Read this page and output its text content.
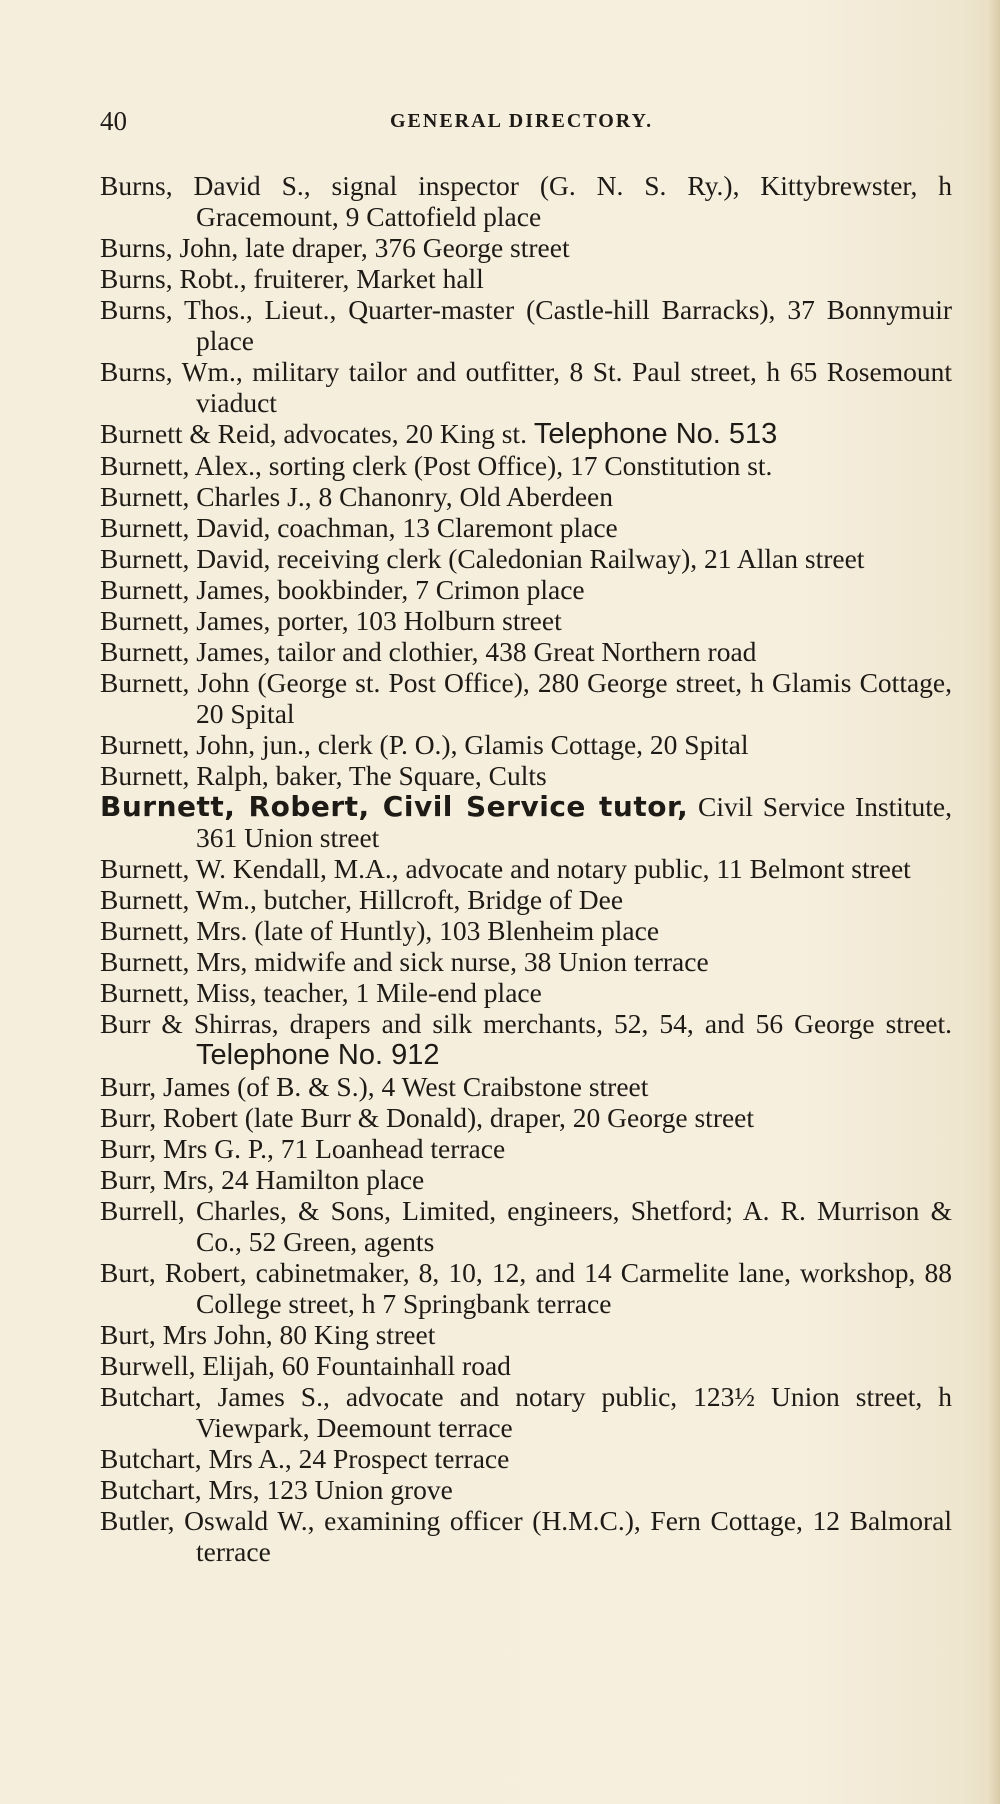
40	GENERAL DIRECTORY.
Burns, David S., signal inspector (G. N. S. Ry.), Kittybrewster, h Gracemount, 9 Cattofield place
Burns, John, late draper, 376 George street
Burns, Robt., fruiterer, Market hall
Burns, Thos., Lieut., Quarter-master (Castle-hill Barracks), 37 Bonnymuir place
Burns, Wm., military tailor and outfitter, 8 St. Paul street, h 65 Rosemount viaduct
Burnett & Reid, advocates, 20 King st. Telephone No. 513
Burnett, Alex., sorting clerk (Post Office), 17 Constitution st.
Burnett, Charles J., 8 Chanonry, Old Aberdeen
Burnett, David, coachman, 13 Claremont place
Burnett, David, receiving clerk (Caledonian Railway), 21 Allan street
Burnett, James, bookbinder, 7 Crimon place
Burnett, James, porter, 103 Holburn street
Burnett, James, tailor and clothier, 438 Great Northern road
Burnett, John (George st. Post Office), 280 George street, h Glamis Cottage, 20 Spital
Burnett, John, jun., clerk (P. O.), Glamis Cottage, 20 Spital
Burnett, Ralph, baker, The Square, Cults
Burnett, Robert, Civil Service tutor, Civil Service Institute, 361 Union street
Burnett, W. Kendall, M.A., advocate and notary public, 11 Belmont street
Burnett, Wm., butcher, Hillcroft, Bridge of Dee
Burnett, Mrs. (late of Huntly), 103 Blenheim place
Burnett, Mrs, midwife and sick nurse, 38 Union terrace
Burnett, Miss, teacher, 1 Mile-end place
Burr & Shirras, drapers and silk merchants, 52, 54, and 56 George street. Telephone No. 912
Burr, James (of B. & S.), 4 West Craibstone street
Burr, Robert (late Burr & Donald), draper, 20 George street
Burr, Mrs G. P., 71 Loanhead terrace
Burr, Mrs, 24 Hamilton place
Burrell, Charles, & Sons, Limited, engineers, Shetford; A. R. Murrison & Co., 52 Green, agents
Burt, Robert, cabinetmaker, 8, 10, 12, and 14 Carmelite lane, workshop, 88 College street, h 7 Springbank terrace
Burt, Mrs John, 80 King street
Burwell, Elijah, 60 Fountainhall road
Butchart, James S., advocate and notary public, 123½ Union street, h Viewpark, Deemount terrace
Butchart, Mrs A., 24 Prospect terrace
Butchart, Mrs, 123 Union grove
Butler, Oswald W., examining officer (H.M.C.), Fern Cottage, 12 Balmoral terrace
